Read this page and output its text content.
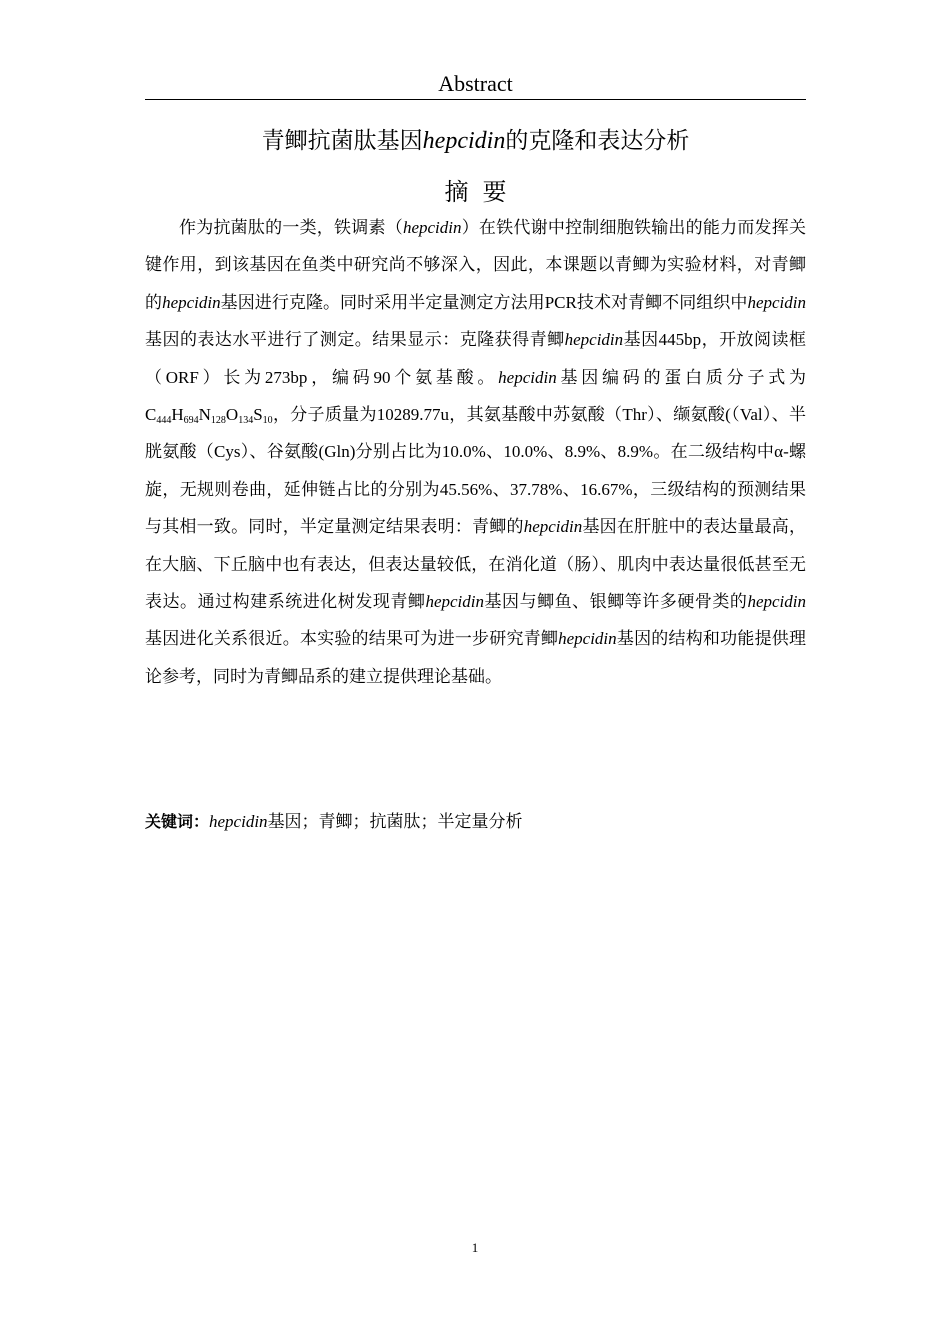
Abstract
青鲫抗菌肽基因hepcidin的克隆和表达分析
摘要

作为抗菌肽的一类，铁调素（hepcidin）在铁代谢中控制细胞铁输出的能力而发挥关键作用，到该基因在鱼类中研究尚不够深入，因此，本课题以青鲫为实验材料，对青鲫的hepcidin基因进行克隆。同时采用半定量测定方法用PCR技术对青鲫不同组织中hepcidin基因的表达水平进行了测定。结果显示：克隆获得青鲫hepcidin基因445bp，开放阅读框（ORF）长为273bp，编码90个氨基酸。hepcidin基因编码的蛋白质分子式为 $C_{444}H_{694}N_{128}O_{134}S_{10}$，分子质量为10289.77u，其氨基酸中苏氨酸（Thr）、缬氨酸(（Val）、半胱氨酸（Cys）、谷氨酸(Gln)分别占比为10.0%、10.0%、8.9%、8.9%。在二级结构中α-螺旋，无规则卷曲，延伸链占比的分别为45.56%、37.78%、16.67%，三级结构的预测结果与其相一致。同时，半定量测定结果表明：青鲫的hepcidin基因在肝脏中的表达量最高，在大脑、下丘脑中也有表达，但表达量较低，在消化道（肠）、肌肉中表达量很低甚至无表达。通过构建系统进化树发现青鲫hepcidin基因与鲫鱼、银鲫等许多硬骨类的hepcidin基因进化关系很近。本实验的结果可为进一步研究青鲫hepcidin基因的结构和功能提供理论参考，同时为青鲫品系的建立提供理论基础。

关键词：hepcidin基因；青鲫；抗菌肽；半定量分析
1
